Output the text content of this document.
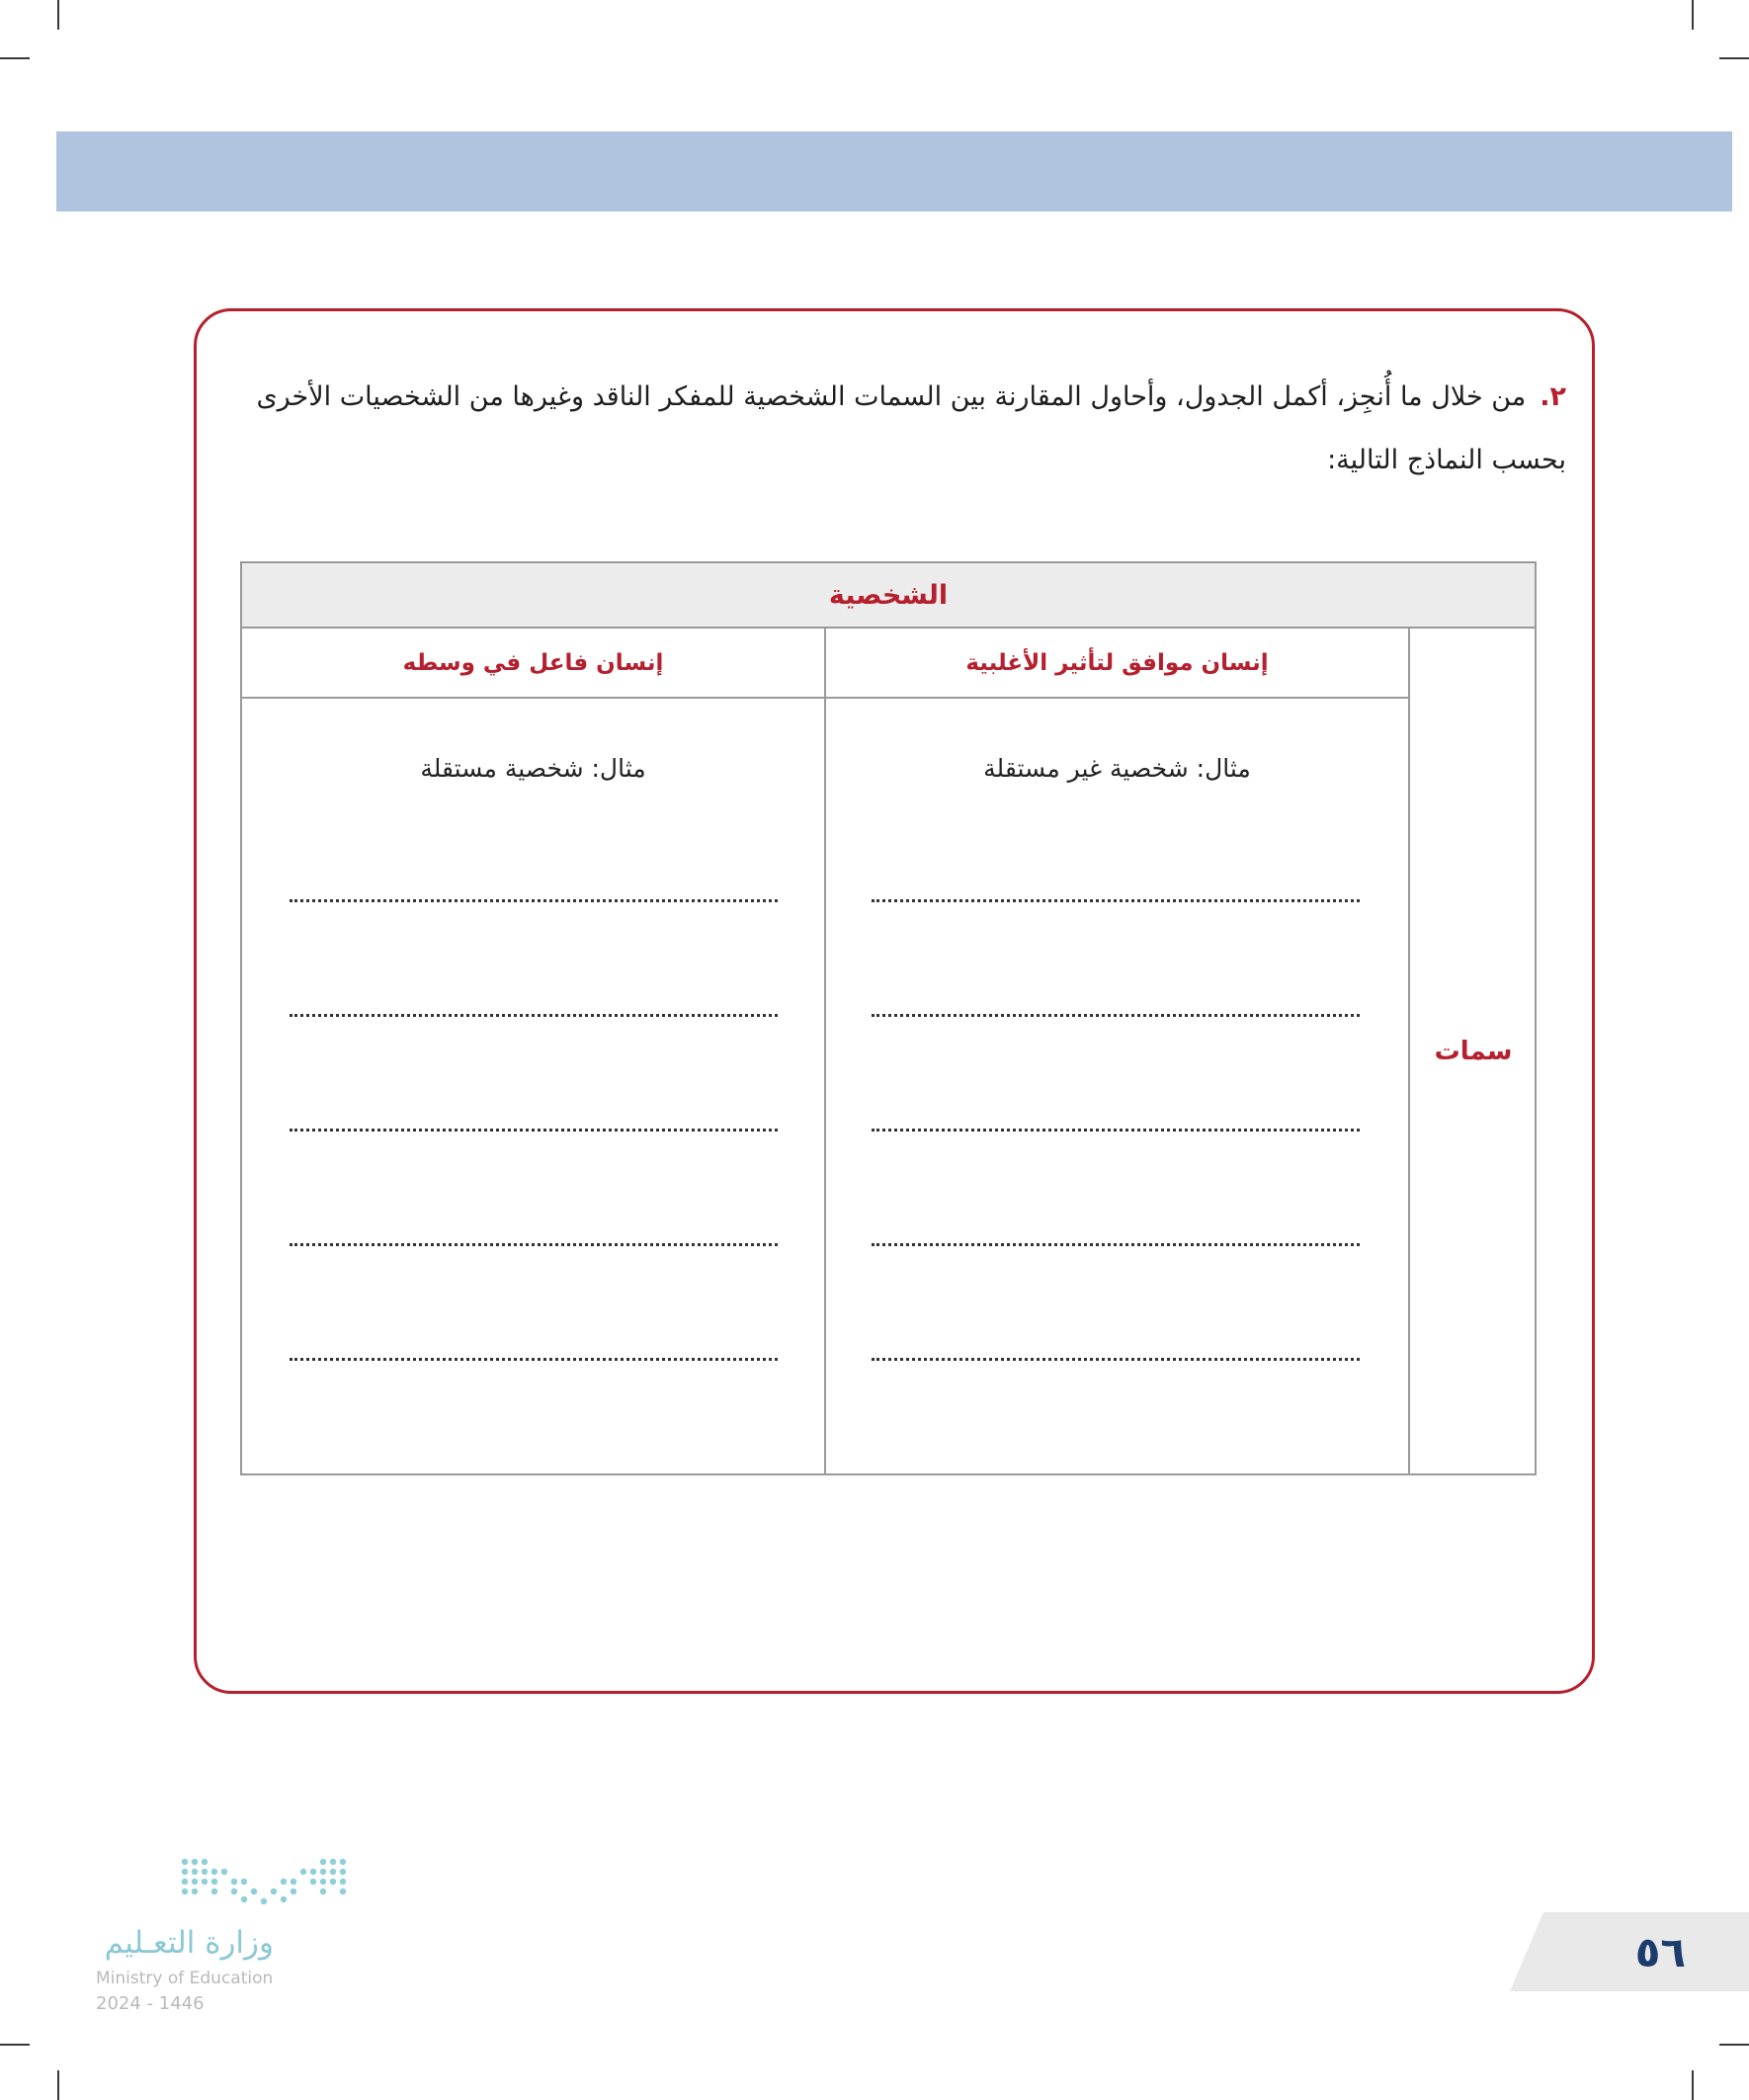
٢.من خلال ما أُنجِز، أكمل الجدول، وأحاول المقارنة بين السمات الشخصية للمفكر الناقد وغيرها من الشخصيات الأخرى بحسب النماذج التالية:
الشخصية
إنسان موافق لتأثير الأغلبية
إنسان فاعل في وسطه
سمات
مثال: شخصية غير مستقلة
مثال: شخصية مستقلة
وزارة التعـليم
Ministry of Education
2024 - 1446
٥٦
